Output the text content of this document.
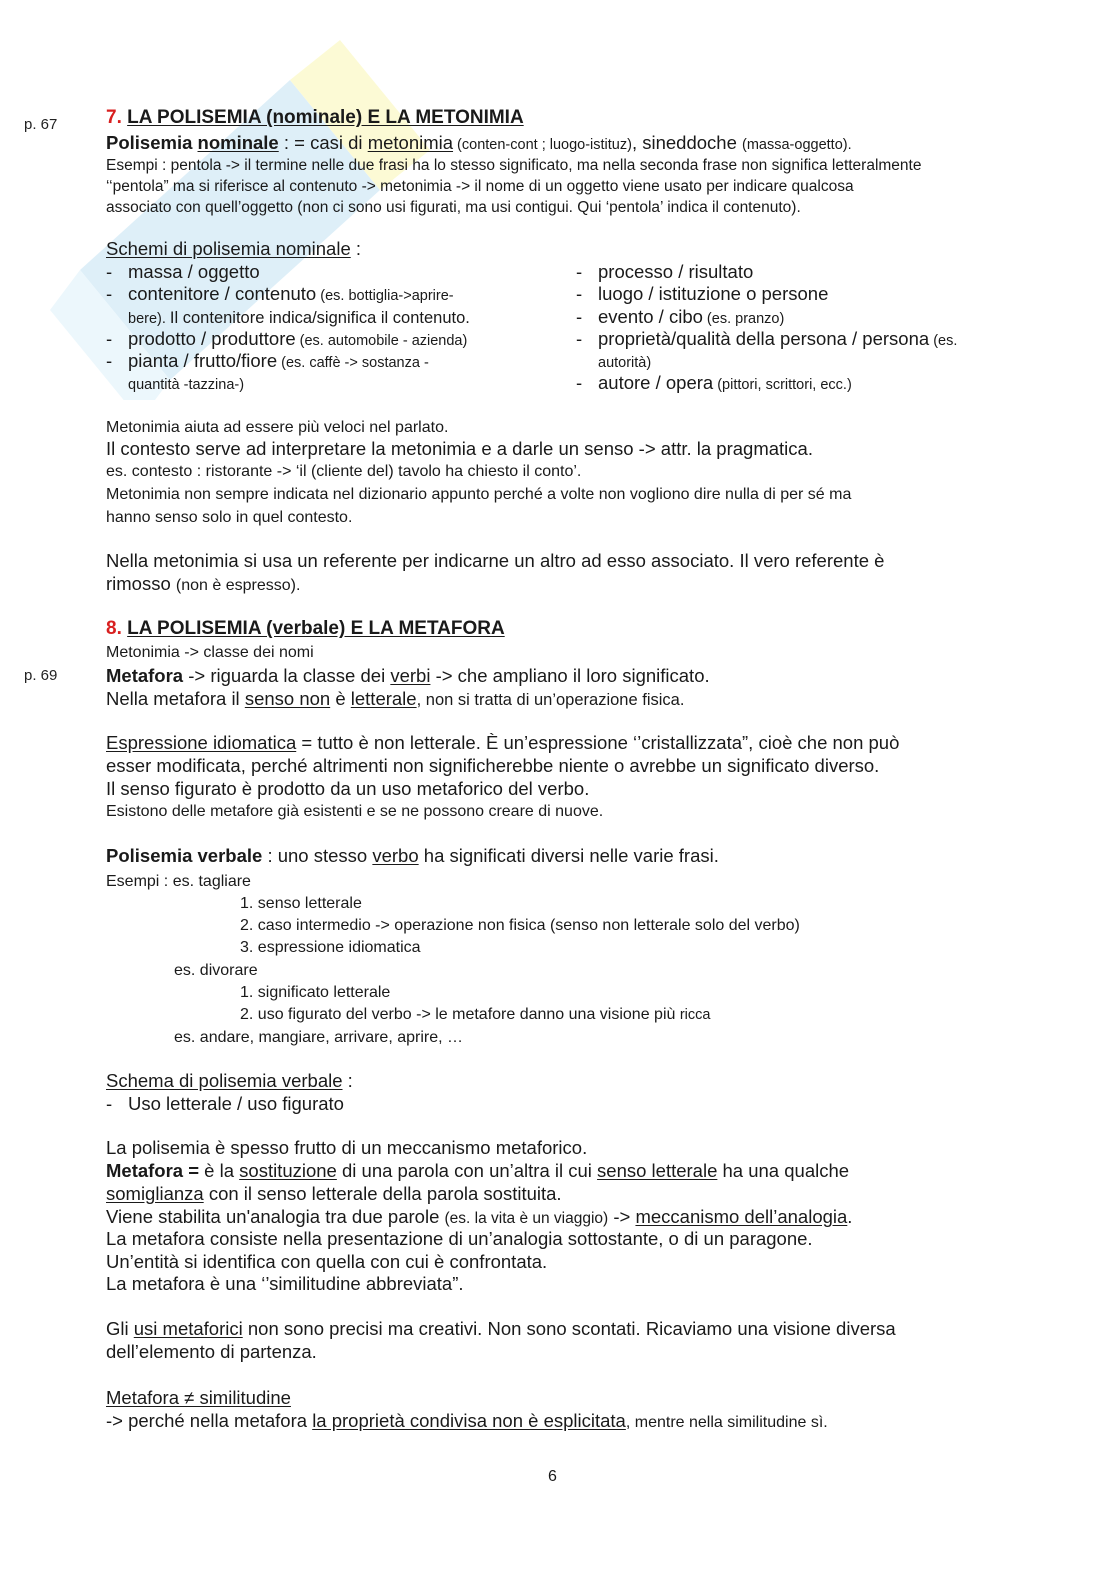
p. 67
p. 69
7. LA POLISEMIA (nominale) E LA METONIMIA
Polisemia nominale : = casi di metonimia (conten-cont ; luogo-istituz), sineddoche (massa-oggetto).
Esempi : pentola -> il termine nelle due frasi ha lo stesso significato, ma nella seconda frase non significa letteralmente
‘‘pentola” ma si riferisce al contenuto -> metonimia -> il nome di un oggetto viene usato per indicare qualcosa
associato con quell’oggetto (non ci sono usi figurati, ma usi contigui. Qui ‘pentola’ indica il contenuto).
Schemi di polisemia nominale :
- massa / oggetto
- contenitore / contenuto (es. bottiglia->aprire-
bere). Il contenitore indica/significa il contenuto.
- prodotto / produttore (es. automobile - azienda)
- pianta / frutto/fiore (es. caffè -> sostanza -
quantità -tazzina-)
- processo / risultato
- luogo / istituzione o persone
- evento / cibo (es. pranzo)
- proprietà/qualità della persona / persona (es.
autorità)
- autore / opera (pittori, scrittori, ecc.)
Metonimia aiuta ad essere più veloci nel parlato.
Il contesto serve ad interpretare la metonimia e a darle un senso -> attr. la pragmatica.
es. contesto : ristorante -> ‘il (cliente del) tavolo ha chiesto il conto’.
Metonimia non sempre indicata nel dizionario appunto perché a volte non vogliono dire nulla di per sé ma
hanno senso solo in quel contesto.
Nella metonimia si usa un referente per indicarne un altro ad esso associato. Il vero referente è
rimosso (non è espresso).
8. LA POLISEMIA (verbale) E LA METAFORA
Metonimia -> classe dei nomi
Metafora -> riguarda la classe dei verbi -> che ampliano il loro significato.
Nella metafora il senso non è letterale, non si tratta di un’operazione fisica.
Espressione idiomatica = tutto è non letterale. È un’espressione ‘’cristallizzata”, cioè che non può
esser modificata, perché altrimenti non significherebbe niente o avrebbe un significato diverso.
Il senso figurato è prodotto da un uso metaforico del verbo.
Esistono delle metafore già esistenti e se ne possono creare di nuove.
Polisemia verbale : uno stesso verbo ha significati diversi nelle varie frasi.
Esempi : es. tagliare
1. senso letterale
2. caso intermedio -> operazione non fisica (senso non letterale solo del verbo)
3. espressione idiomatica
es. divorare
1. significato letterale
2. uso figurato del verbo -> le metafore danno una visione più ricca
es. andare, mangiare, arrivare, aprire, …
Schema di polisemia verbale :
- Uso letterale / uso figurato
La polisemia è spesso frutto di un meccanismo metaforico.
Metafora = è la sostituzione di una parola con un’altra il cui senso letterale ha una qualche
somiglianza con il senso letterale della parola sostituita.
Viene stabilita un'analogia tra due parole (es. la vita è un viaggio) -> meccanismo dell’analogia.
La metafora consiste nella presentazione di un’analogia sottostante, o di un paragone.
Un’entità si identifica con quella con cui è confrontata.
La metafora è una ‘’similitudine abbreviata”.
Gli usi metaforici non sono precisi ma creativi. Non sono scontati. Ricaviamo una visione diversa
dell’elemento di partenza.
Metafora ≠ similitudine
-> perché nella metafora la proprietà condivisa non è esplicitata, mentre nella similitudine sì.
6
